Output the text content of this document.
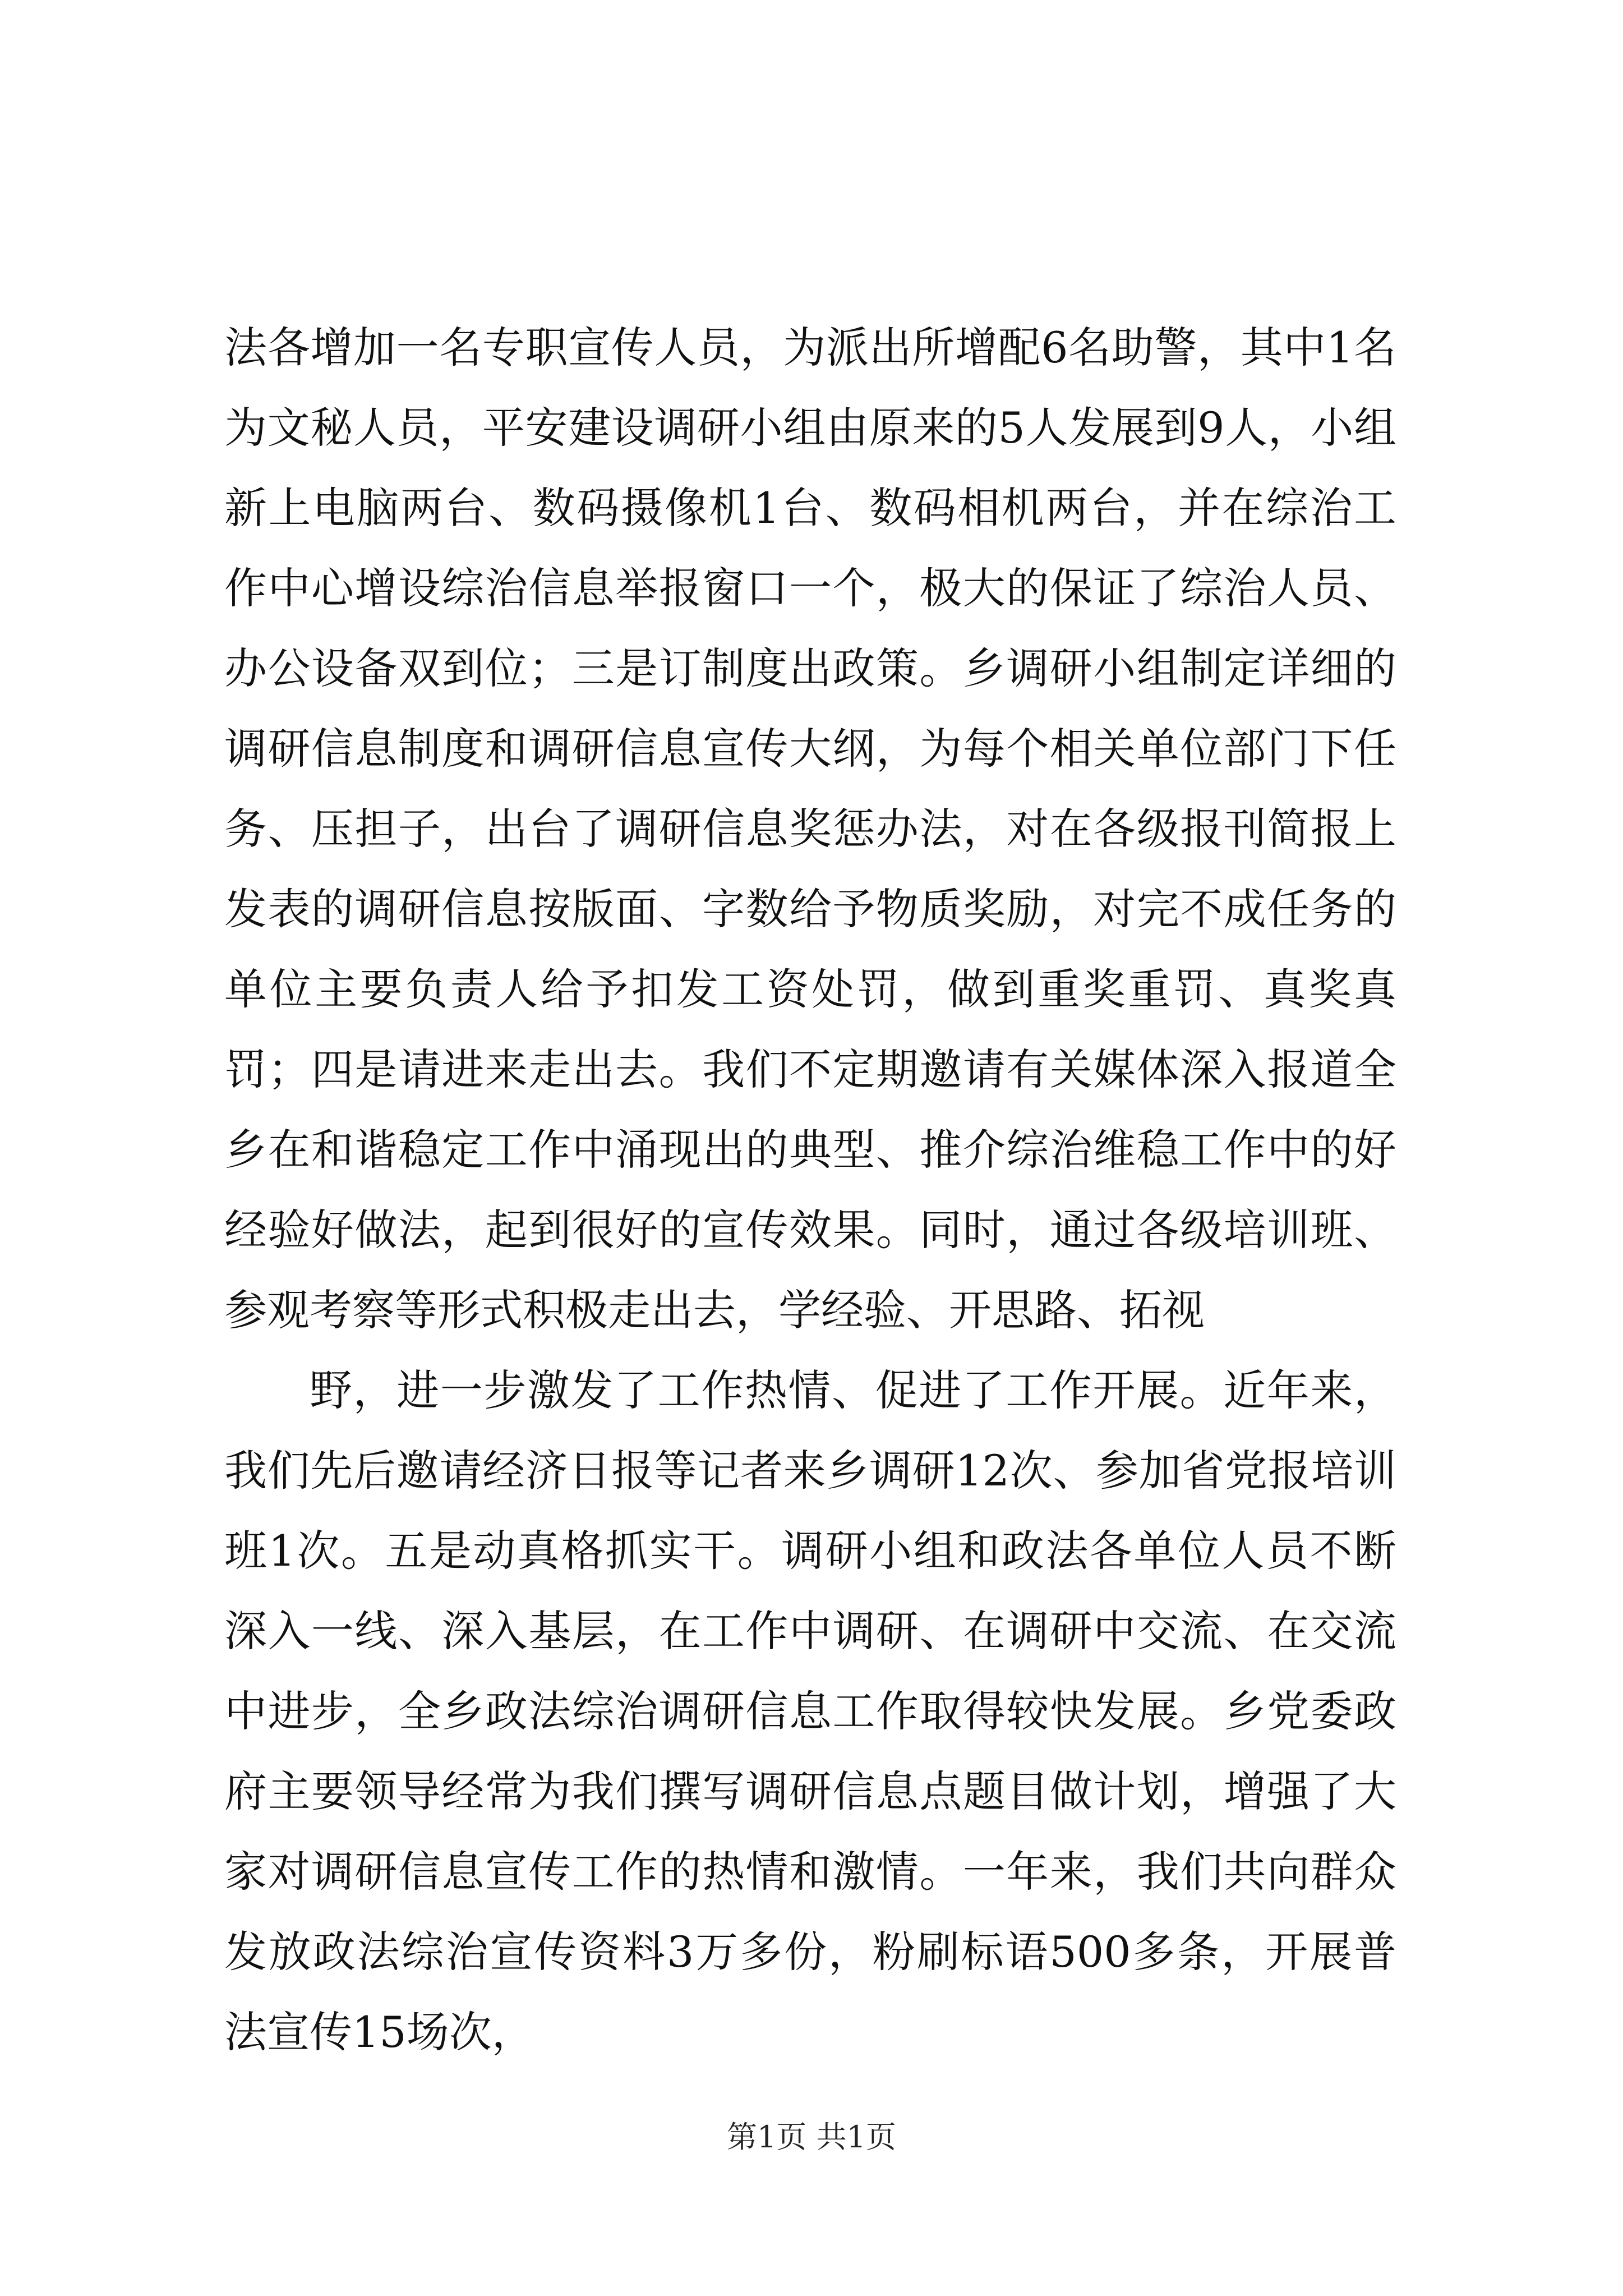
法各增加一名专职宣传人员，为派出所增配6名助警，其中1名为文秘人员，平安建设调研小组由原来的5人发展到9人，小组新上电脑两台、数码摄像机1台、数码相机两台，并在综治工作中心增设综治信息举报窗口一个，极大的保证了综治人员、办公设备双到位；三是订制度出政策。乡调研小组制定详细的调研信息制度和调研信息宣传大纲，为每个相关单位部门下任务、压担子，出台了调研信息奖惩办法，对在各级报刊简报上发表的调研信息按版面、字数给予物质奖励，对完不成任务的单位主要负责人给予扣发工资处罚，做到重奖重罚、真奖真罚；四是请进来走出去。我们不定期邀请有关媒体深入报道全乡在和谐稳定工作中涌现出的典型、推介综治维稳工作中的好经验好做法，起到很好的宣传效果。同时，通过各级培训班、参观考察等形式积极走出去，学经验、开思路、拓视

野，进一步激发了工作热情、促进了工作开展。近年来，我们先后邀请经济日报等记者来乡调研12次、参加省党报培训班1次。五是动真格抓实干。调研小组和政法各单位人员不断深入一线、深入基层，在工作中调研、在调研中交流、在交流中进步，全乡政法综治调研信息工作取得较快发展。乡党委政府主要领导经常为我们撰写调研信息点题目做计划，增强了大家对调研信息宣传工作的热情和激情。一年来，我们共向群众发放政法综治宣传资料3万多份，粉刷标语500多条，开展普法宣传15场次，

第1页 共1页
